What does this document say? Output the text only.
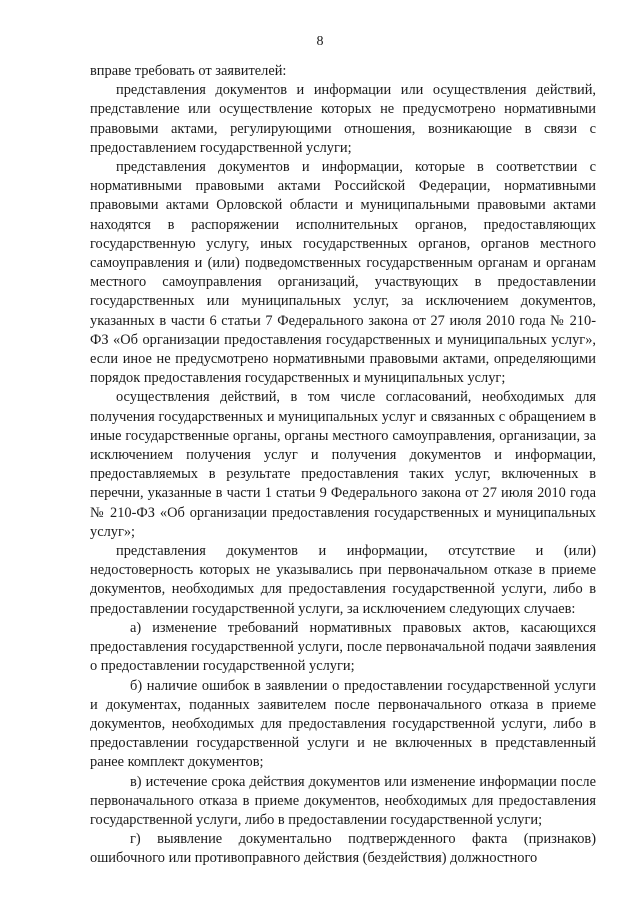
8

вправе требовать от заявителей:

представления документов и информации или осуществления действий, представление или осуществление которых не предусмотрено нормативными правовыми актами, регулирующими отношения, возникающие в связи с предоставлением государственной услуги;

представления документов и информации, которые в соответствии с нормативными правовыми актами Российской Федерации, нормативными правовыми актами Орловской области и муниципальными правовыми актами находятся в распоряжении исполнительных органов, предоставляющих государственную услугу, иных государственных органов, органов местного самоуправления и (или) подведомственных государственным органам и органам местного самоуправления организаций, участвующих в предоставлении государственных или муниципальных услуг, за исключением документов, указанных в части 6 статьи 7 Федерального закона от 27 июля 2010 года № 210-ФЗ «Об организации предоставления государственных и муниципальных услуг», если иное не предусмотрено нормативными правовыми актами, определяющими порядок предоставления государственных и муниципальных услуг;

осуществления действий, в том числе согласований, необходимых для получения государственных и муниципальных услуг и связанных с обращением в иные государственные органы, органы местного самоуправления, организации, за исключением получения услуг и получения документов и информации, предоставляемых в результате предоставления таких услуг, включенных в перечни, указанные в части 1 статьи 9 Федерального закона от 27 июля 2010 года № 210-ФЗ «Об организации предоставления государственных и муниципальных услуг»;

представления документов и информации, отсутствие и (или) недостоверность которых не указывались при первоначальном отказе в приеме документов, необходимых для предоставления государственной услуги, либо в предоставлении государственной услуги, за исключением следующих случаев:

а) изменение требований нормативных правовых актов, касающихся предоставления государственной услуги, после первоначальной подачи заявления о предоставлении государственной услуги;

б) наличие ошибок в заявлении о предоставлении государственной услуги и документах, поданных заявителем после первоначального отказа в приеме документов, необходимых для предоставления государственной услуги, либо в предоставлении государственной услуги и не включенных в представленный ранее комплект документов;

в) истечение срока действия документов или изменение информации после первоначального отказа в приеме документов, необходимых для предоставления государственной услуги, либо в предоставлении государственной услуги;

г) выявление документально подтвержденного факта (признаков) ошибочного или противоправного действия (бездействия) должностного
